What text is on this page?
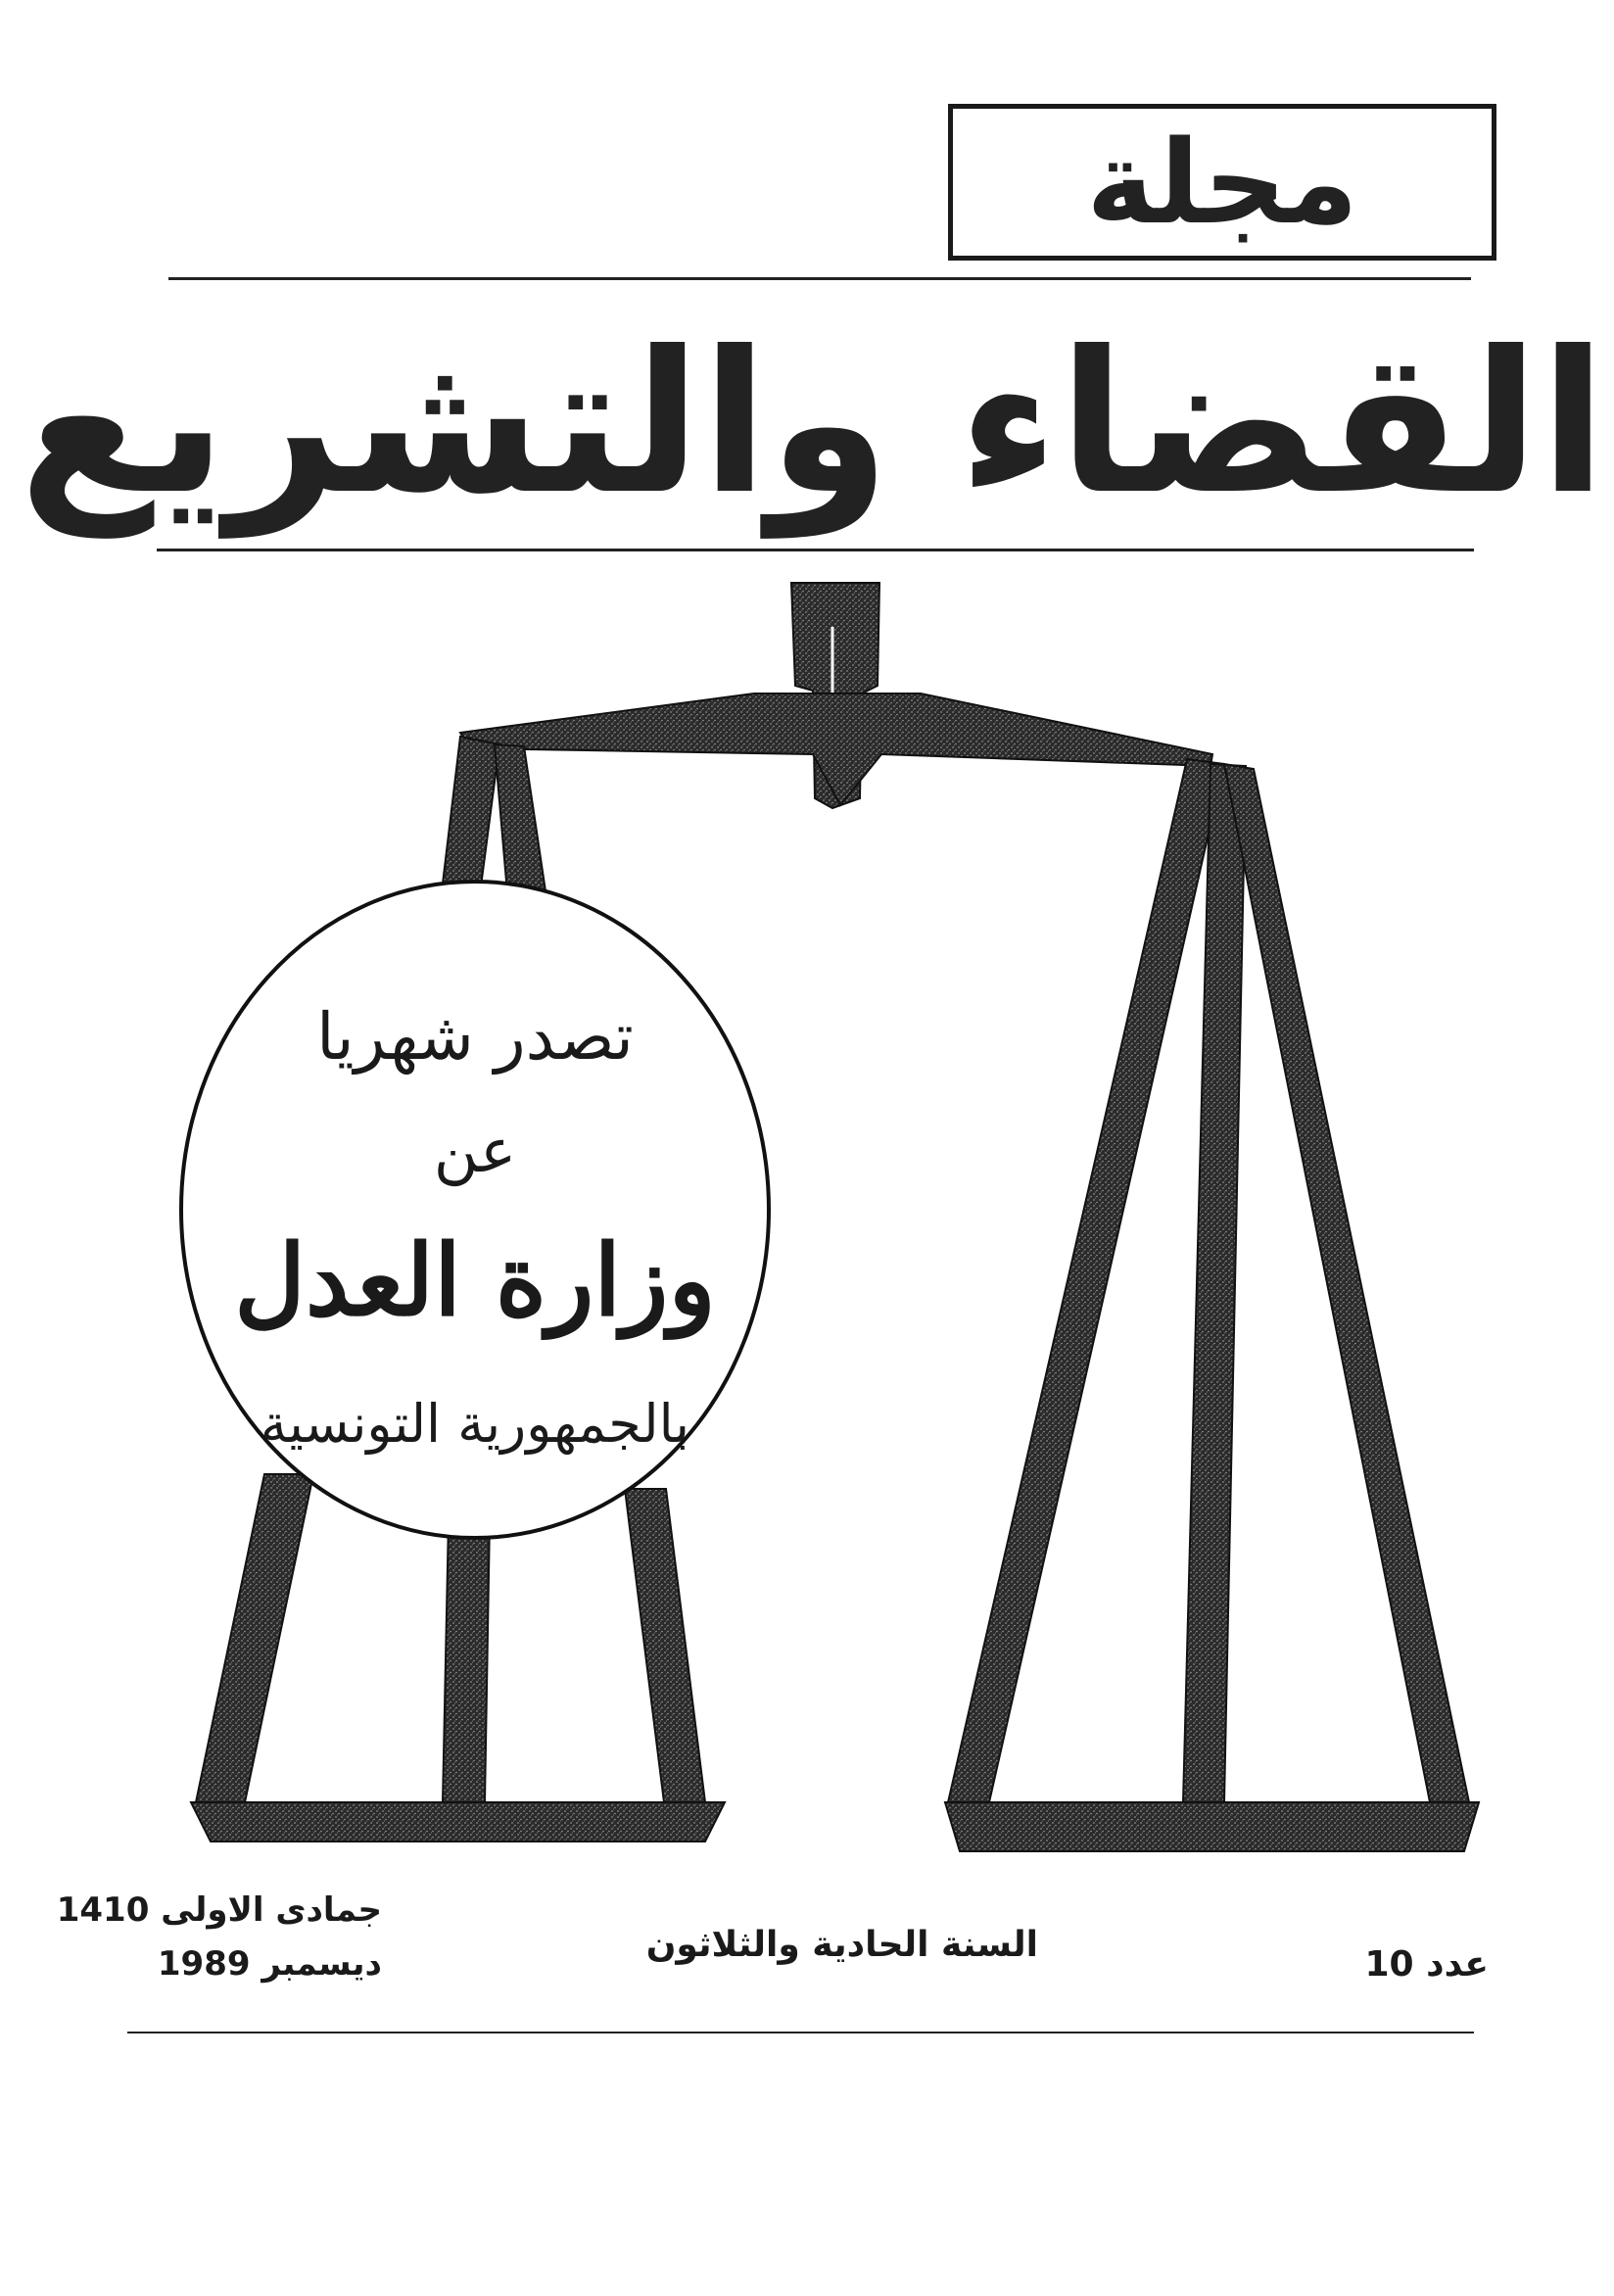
مجلة
القضاء والتشريع
تصدر شهريا
عن
وزارة العدل
بالجمهورية التونسية
جمادى الاولى 1410
ديسمبر 1989	السنة الحادية والثلاثون	عدد 10
